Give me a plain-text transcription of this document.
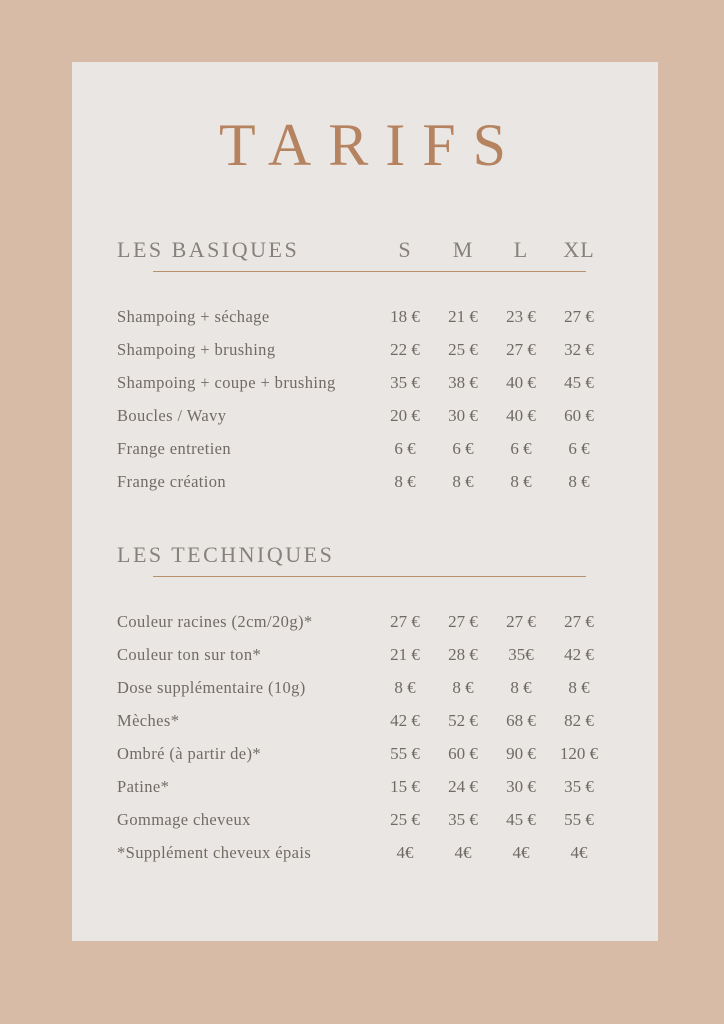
TARIFS
LES BASIQUES	S	M	L	XL
Shampoing + séchage	18 €	21 €	23 €	27 €
Shampoing + brushing	22 €	25 €	27 €	32 €
Shampoing + coupe + brushing	35 €	38 €	40 €	45 €
Boucles / Wavy	20 €	30 €	40 €	60 €
Frange entretien	6 €	6 €	6 €	6 €
Frange création	8 €	8 €	8 €	8 €
LES TECHNIQUES
Couleur racines (2cm/20g)*	27 €	27 €	27 €	27 €
Couleur ton sur ton*	21 €	28 €	35€	42 €
Dose supplémentaire (10g)	8 €	8 €	8 €	8 €
Mèches*	42 €	52 €	68 €	82 €
Ombré (à partir de)*	55 €	60 €	90 €	120 €
Patine*	15 €	24 €	30 €	35 €
Gommage cheveux	25 €	35 €	45 €	55 €
*Supplément cheveux épais	4€	4€	4€	4€
